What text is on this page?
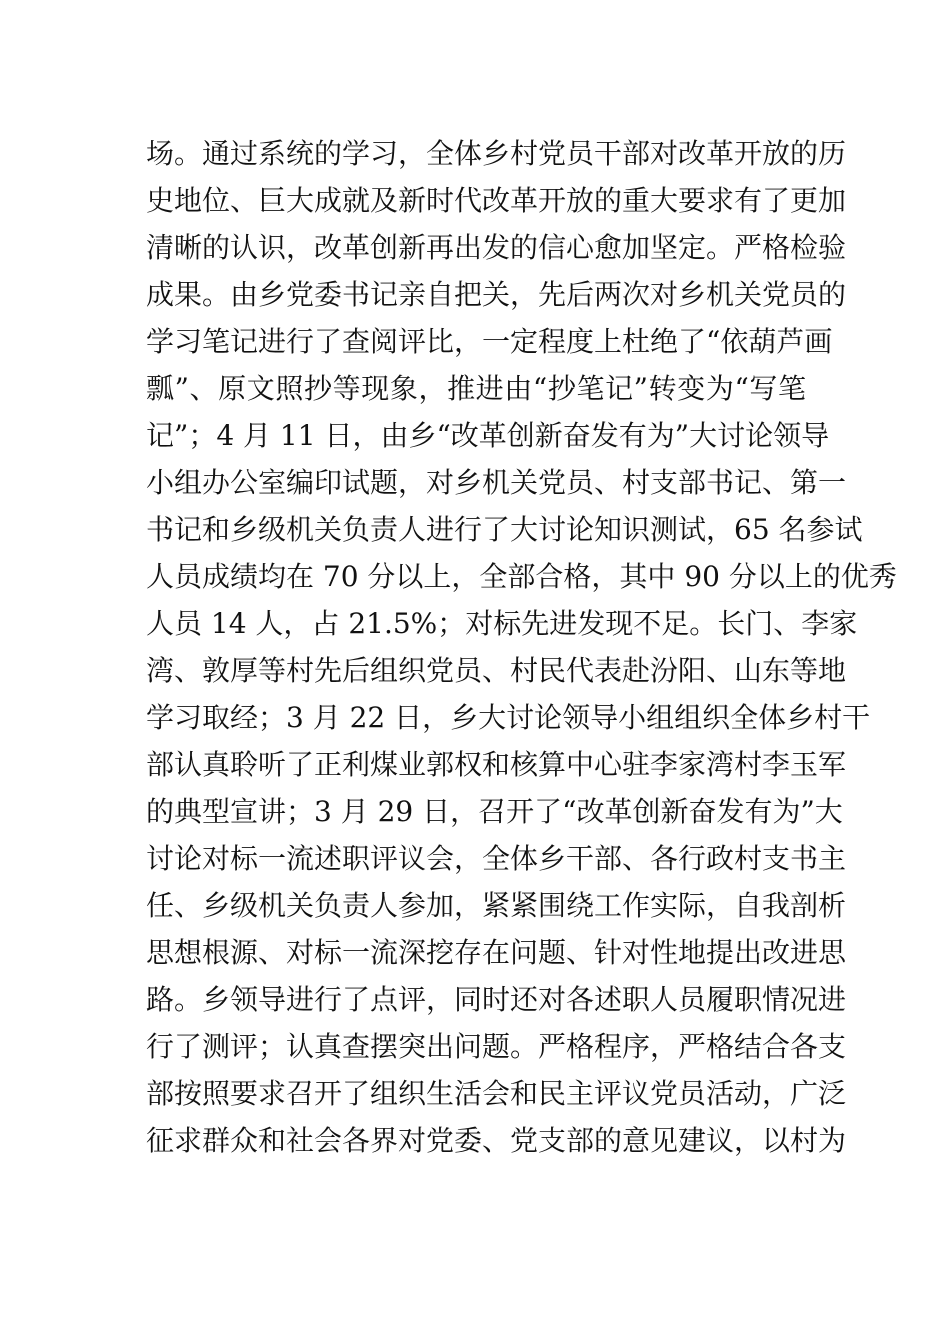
场。通过系统的学习，全体乡村党员干部对改革开放的历
史地位、巨大成就及新时代改革开放的重大要求有了更加
清晰的认识，改革创新再出发的信心愈加坚定。严格检验
成果。由乡党委书记亲自把关，先后两次对乡机关党员的
学习笔记进行了查阅评比，一定程度上杜绝了“依葫芦画
瓢”、原文照抄等现象，推进由“抄笔记”转变为“写笔
记”；4 月 11 日，由乡“改革创新奋发有为”大讨论领导
小组办公室编印试题，对乡机关党员、村支部书记、第一
书记和乡级机关负责人进行了大讨论知识测试，65 名参试
人员成绩均在 70 分以上，全部合格，其中 90 分以上的优秀
人员 14 人，占 21.5%；对标先进发现不足。长门、李家
湾、敦厚等村先后组织党员、村民代表赴汾阳、山东等地
学习取经；3 月 22 日，乡大讨论领导小组组织全体乡村干
部认真聆听了正利煤业郭权和核算中心驻李家湾村李玉军
的典型宣讲；3 月 29 日，召开了“改革创新奋发有为”大
讨论对标一流述职评议会，全体乡干部、各行政村支书主
任、乡级机关负责人参加，紧紧围绕工作实际，自我剖析
思想根源、对标一流深挖存在问题、针对性地提出改进思
路。乡领导进行了点评，同时还对各述职人员履职情况进
行了测评；认真查摆突出问题。严格程序，严格结合各支
部按照要求召开了组织生活会和民主评议党员活动，广泛
征求群众和社会各界对党委、党支部的意见建议，以村为
